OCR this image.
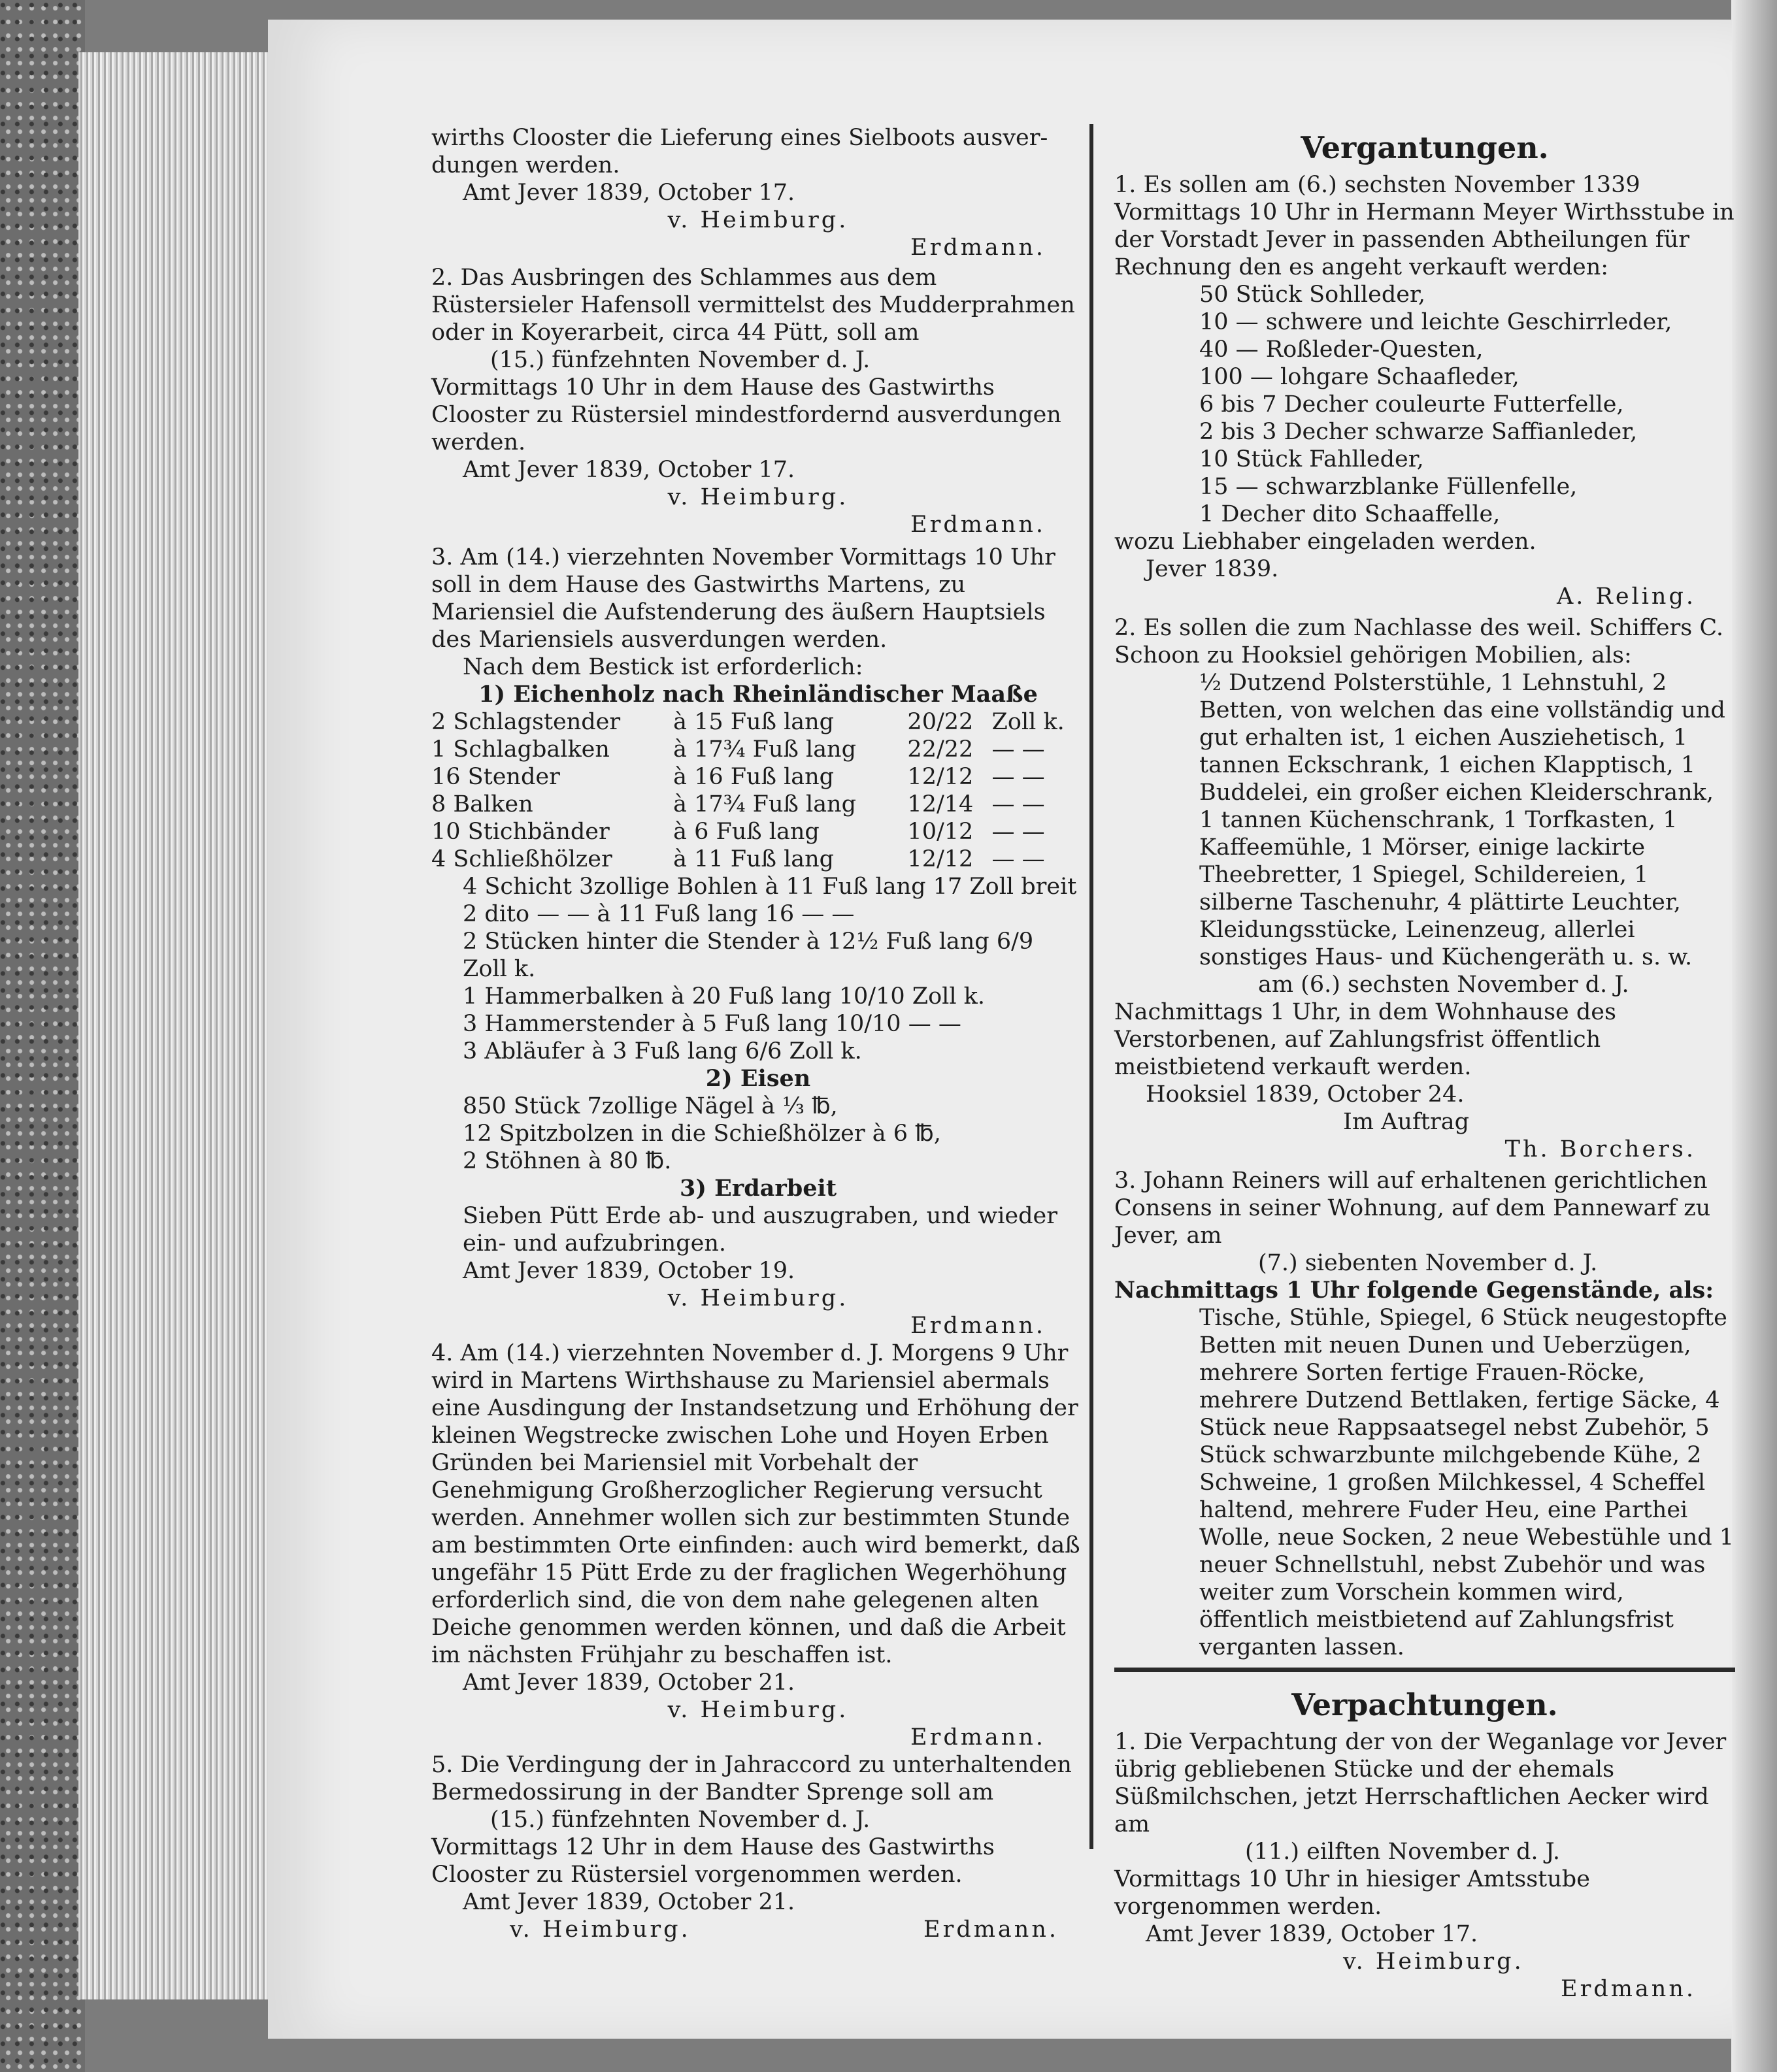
wirths Clooster die Lieferung eines Sielboots ausver-dungen werden.

Amt Jever 1839, October 17.

v. Heimburg.

Erdmann.

2. Das Ausbringen des Schlammes aus dem Rüstersieler Hafensoll vermittelst des Mudderprahmen oder in Koyerarbeit, circa 44 Pütt, soll am

(15.) fünfzehnten November d. J.

Vormittags 10 Uhr in dem Hause des Gastwirths Clooster zu Rüstersiel mindestfordernd ausverdungen werden.

Amt Jever 1839, October 17.

v. Heimburg.

Erdmann.

3. Am (14.) vierzehnten November Vormittags 10 Uhr soll in dem Hause des Gastwirths Martens, zu Mariensiel die Aufstenderung des äußern Hauptsiels des Mariensiels ausverdungen werden.

Nach dem Bestick ist erforderlich:

1) Eichenholz nach Rheinländischer Maaße

2 Schlagstender	à 15 Fuß lang	20/22	Zoll k.
1 Schlagbalken	à 17¾ Fuß lang	22/22	— —
16 Stender	à 16 Fuß lang	12/12	— —
8 Balken	à 17¾ Fuß lang	12/14	— —
10 Stichbänder	à 6 Fuß lang	10/12	— —
4 Schließhölzer	à 11 Fuß lang	12/12	— —

4 Schicht 3zollige Bohlen à 11 Fuß lang 17 Zoll breit

2 dito — — à 11 Fuß lang 16 — —

2 Stücken hinter die Stender à 12½ Fuß lang 6/9 Zoll k.

1 Hammerbalken à 20 Fuß lang 10/10 Zoll k.

3 Hammerstender à 5 Fuß lang 10/10 — —

3 Abläufer à 3 Fuß lang 6/6 Zoll k.

2) Eisen

850 Stück 7zollige Nägel à ⅓ ℔,

12 Spitzbolzen in die Schießhölzer à 6 ℔,

2 Stöhnen à 80 ℔.

3) Erdarbeit

Sieben Pütt Erde ab- und auszugraben, und wieder ein- und aufzubringen.

Amt Jever 1839, October 19.

v. Heimburg.

Erdmann.

4. Am (14.) vierzehnten November d. J. Morgens 9 Uhr wird in Martens Wirthshause zu Mariensiel abermals eine Ausdingung der Instandsetzung und Erhöhung der kleinen Wegstrecke zwischen Lohe und Hoyen Erben Gründen bei Mariensiel mit Vorbehalt der Genehmigung Großherzoglicher Regierung versucht werden. Annehmer wollen sich zur bestimmten Stunde am bestimmten Orte einfinden: auch wird bemerkt, daß ungefähr 15 Pütt Erde zu der fraglichen Wegerhöhung erforderlich sind, die von dem nahe gelegenen alten Deiche genommen werden können, und daß die Arbeit im nächsten Frühjahr zu beschaffen ist.

Amt Jever 1839, October 21.

v. Heimburg.

Erdmann.

5. Die Verdingung der in Jahraccord zu unterhaltenden Bermedossirung in der Bandter Sprenge soll am

(15.) fünfzehnten November d. J.

Vormittags 12 Uhr in dem Hause des Gastwirths Clooster zu Rüstersiel vorgenommen werden.

Amt Jever 1839, October 21.

v. Heimburg.	Erdmann.

Vergantungen.

1. Es sollen am (6.) sechsten November 1339 Vormittags 10 Uhr in Hermann Meyer Wirthsstube in der Vorstadt Jever in passenden Abtheilungen für Rechnung den es angeht verkauft werden:

50 Stück Sohlleder,

10 — schwere und leichte Geschirrleder,

40 — Roßleder-Questen,

100 — lohgare Schaafleder,

6 bis 7 Decher couleurte Futterfelle,

2 bis 3 Decher schwarze Saffianleder,

10 Stück Fahlleder,

15 — schwarzblanke Füllenfelle,

1 Decher dito Schaaffelle,

wozu Liebhaber eingeladen werden.

Jever 1839.

A. Reling.

2. Es sollen die zum Nachlasse des weil. Schiffers C. Schoon zu Hooksiel gehörigen Mobilien, als:

½ Dutzend Polsterstühle, 1 Lehnstuhl, 2 Betten, von welchen das eine vollständig und gut erhalten ist, 1 eichen Ausziehetisch, 1 tannen Eckschrank, 1 eichen Klapptisch, 1 Buddelei, ein großer eichen Kleiderschrank, 1 tannen Küchenschrank, 1 Torfkasten, 1 Kaffeemühle, 1 Mörser, einige lackirte Theebretter, 1 Spiegel, Schildereien, 1 silberne Taschenuhr, 4 plättirte Leuchter, Kleidungsstücke, Leinenzeug, allerlei sonstiges Haus- und Küchengeräth u. s. w.

am (6.) sechsten November d. J.

Nachmittags 1 Uhr, in dem Wohnhause des Verstorbenen, auf Zahlungsfrist öffentlich meistbietend verkauft werden.

Hooksiel 1839, October 24.

Im Auftrag

Th. Borchers.

3. Johann Reiners will auf erhaltenen gerichtlichen Consens in seiner Wohnung, auf dem Pannewarf zu Jever, am

(7.) siebenten November d. J.

Nachmittags 1 Uhr folgende Gegenstände, als:

Tische, Stühle, Spiegel, 6 Stück neugestopfte Betten mit neuen Dunen und Ueberzügen, mehrere Sorten fertige Frauen-Röcke, mehrere Dutzend Bettlaken, fertige Säcke, 4 Stück neue Rappsaatsegel nebst Zubehör, 5 Stück schwarzbunte milchgebende Kühe, 2 Schweine, 1 großen Milchkessel, 4 Scheffel haltend, mehrere Fuder Heu, eine Parthei Wolle, neue Socken, 2 neue Webestühle und 1 neuer Schnellstuhl, nebst Zubehör und was weiter zum Vorschein kommen wird, öffentlich meistbietend auf Zahlungsfrist verganten lassen.

Verpachtungen.

1. Die Verpachtung der von der Weganlage vor Jever übrig gebliebenen Stücke und der ehemals Süßmilchschen, jetzt Herrschaftlichen Aecker wird am

(11.) eilften November d. J.

Vormittags 10 Uhr in hiesiger Amtsstube vorgenommen werden.

Amt Jever 1839, October 17.

v. Heimburg.

Erdmann.
